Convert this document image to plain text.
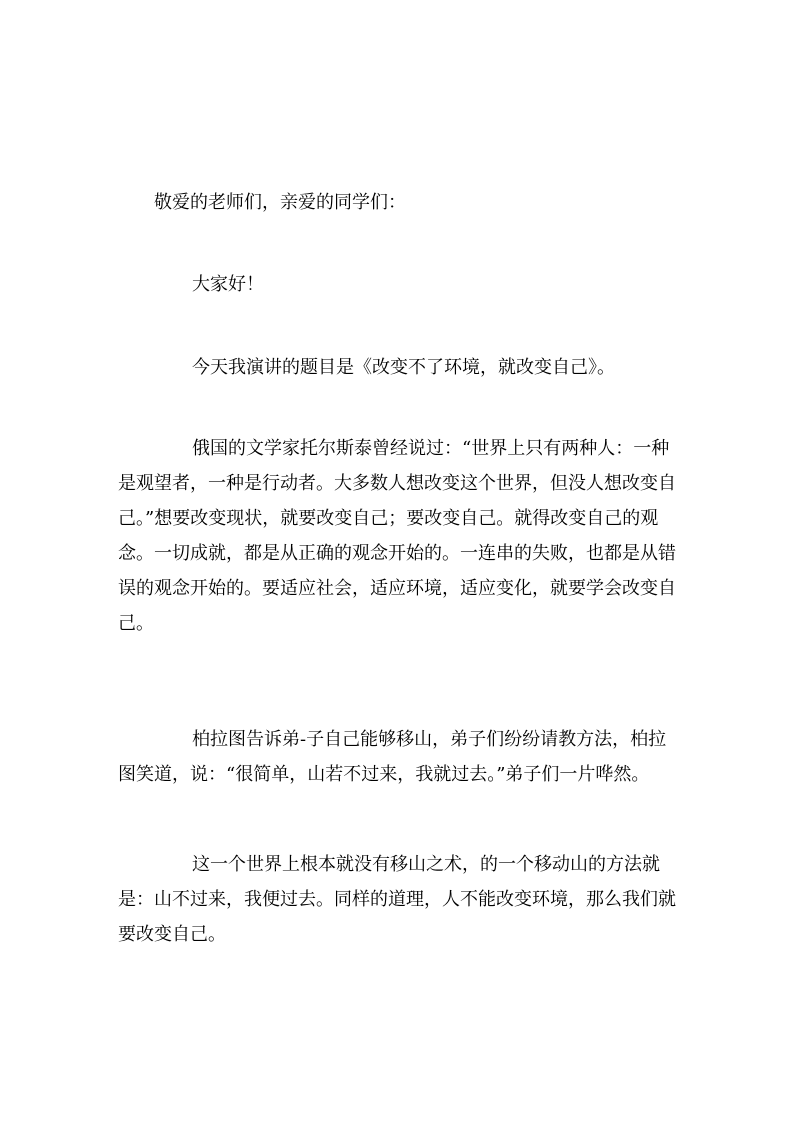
敬爱的老师们，亲爱的同学们：

大家好！

今天我演讲的题目是《改变不了环境，就改变自己》。

俄国的文学家托尔斯泰曾经说过：“世界上只有两种人：一种是观望者，一种是行动者。大多数人想改变这个世界，但没人想改变自己。”想要改变现状，就要改变自己；要改变自己。就得改变自己的观念。一切成就，都是从正确的观念开始的。一连串的失败，也都是从错误的观念开始的。要适应社会，适应环境，适应变化，就要学会改变自己。

柏拉图告诉弟-子自己能够移山，弟子们纷纷请教方法，柏拉图笑道，说：“很简单，山若不过来，我就过去。”弟子们一片哗然。

这一个世界上根本就没有移山之术，的一个移动山的方法就是：山不过来，我便过去。同样的道理，人不能改变环境，那么我们就要改变自己。
